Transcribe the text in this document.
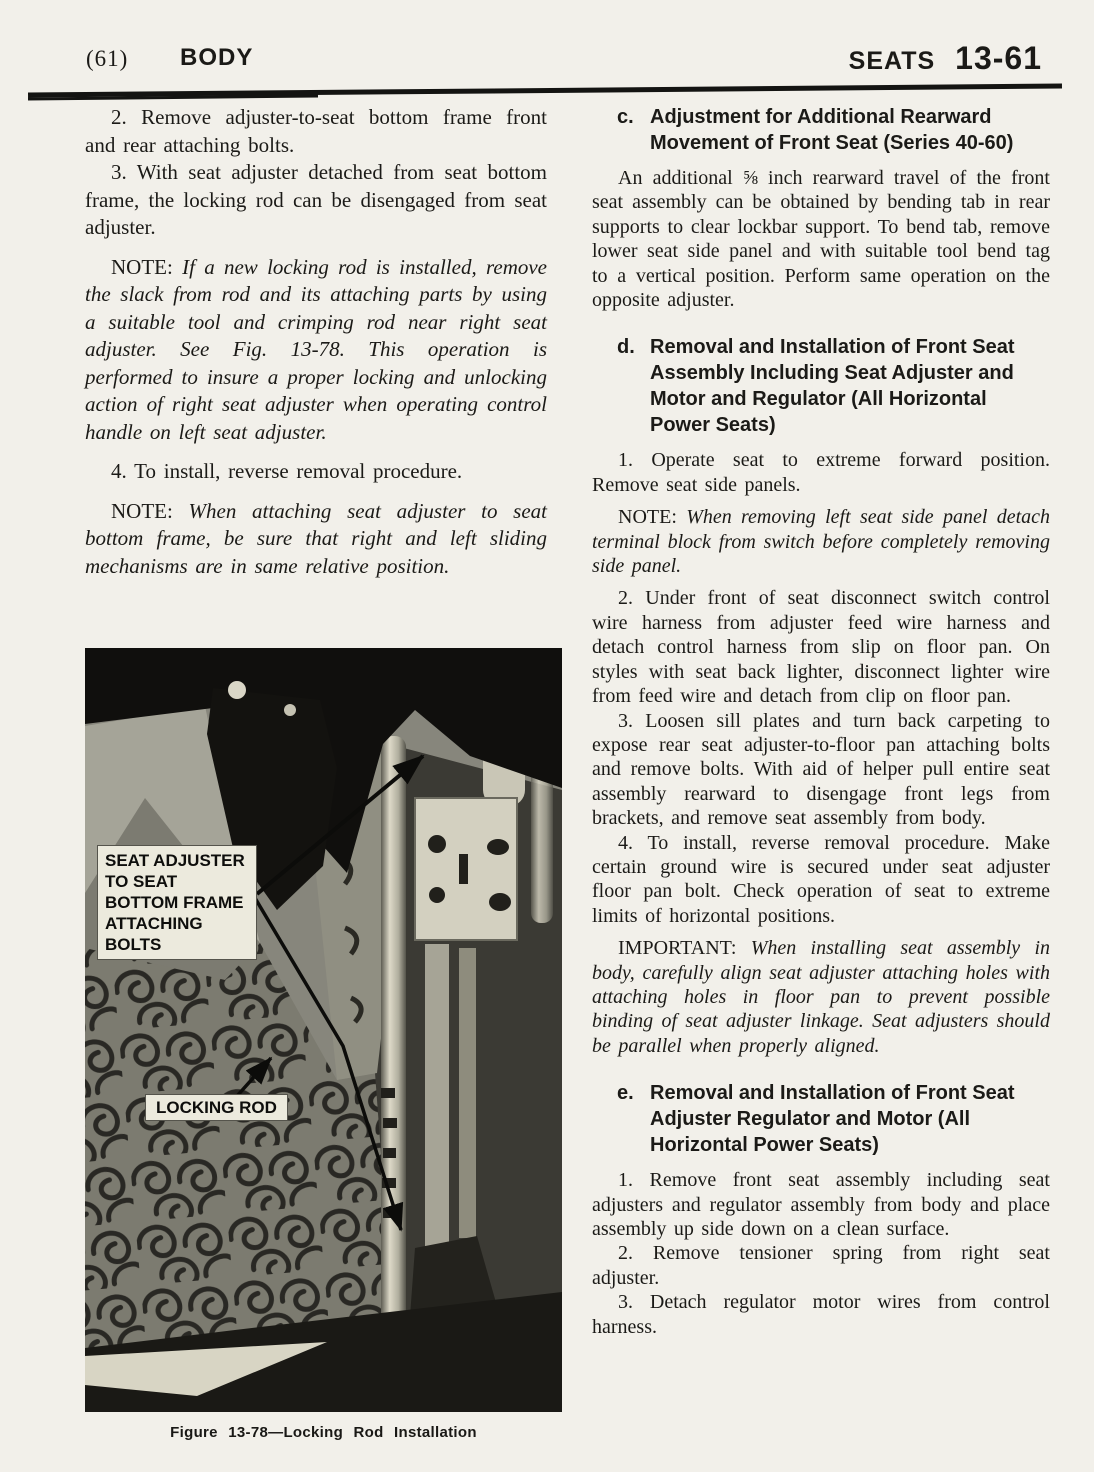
(61) BODY	SEATS 13-61

2. Remove adjuster-to-seat bottom frame front and rear attaching bolts.

3. With seat adjuster detached from seat bottom frame, the locking rod can be disengaged from seat adjuster.

NOTE: If a new locking rod is installed, remove the slack from rod and its attaching parts by using a suitable tool and crimping rod near right seat adjuster. See Fig. 13-78. This operation is performed to insure a proper locking and unlocking action of right seat adjuster when operating control handle on left seat adjuster.

4. To install, reverse removal procedure.

NOTE: When attaching seat adjuster to seat bottom frame, be sure that right and left sliding mechanisms are in same relative position.

SEAT ADJUSTER TO SEAT BOTTOM FRAME ATTACHING BOLTS
LOCKING ROD
Figure 13-78—Locking Rod Installation
c. Adjustment for Additional Rearward Movement of Front Seat (Series 40-60)

An additional ⅝ inch rearward travel of the front seat assembly can be obtained by bending tab in rear supports to clear lockbar support. To bend tab, remove lower seat side panel and with suitable tool bend tag to a vertical position. Perform same operation on the opposite adjuster.

d. Removal and Installation of Front Seat Assembly Including Seat Adjuster and Motor and Regulator (All Horizontal Power Seats)

1. Operate seat to extreme forward position. Remove seat side panels.

NOTE: When removing left seat side panel detach terminal block from switch before completely removing side panel.

2. Under front of seat disconnect switch control wire harness from adjuster feed wire harness and detach control harness from slip on floor pan. On styles with seat back lighter, disconnect lighter wire from feed wire and detach from clip on floor pan.

3. Loosen sill plates and turn back carpeting to expose rear seat adjuster-to-floor pan attaching bolts and remove bolts. With aid of helper pull entire seat assembly rearward to disengage front legs from brackets, and remove seat assembly from body.

4. To install, reverse removal procedure. Make certain ground wire is secured under seat adjuster floor pan bolt. Check operation of seat to extreme limits of horizontal positions.

IMPORTANT: When installing seat assembly in body, carefully align seat adjuster attaching holes with attaching holes in floor pan to prevent possible binding of seat adjuster linkage. Seat adjusters should be parallel when properly aligned.

e. Removal and Installation of Front Seat Adjuster Regulator and Motor (All Horizontal Power Seats)

1. Remove front seat assembly including seat adjusters and regulator assembly from body and place assembly up side down on a clean surface.

2. Remove tensioner spring from right seat adjuster.

3. Detach regulator motor wires from control harness.
